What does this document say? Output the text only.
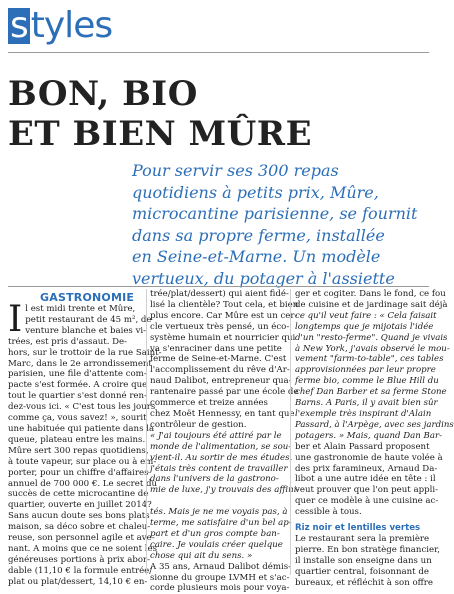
styles
BON, BIO
ET BIEN MÛRE

Pour servir ses 300 repas
quotidiens à petits prix, Mûre,
microcantine parisienne, se fournit
dans sa propre ferme, installée
en Seine-et-Marne. Un modèle
vertueux, du potager à l'assiette

GASTRONOMIE
I l est midi trente et Mûre,
petit restaurant de 45 m², de
venture blanche et baies vi-
trées, est pris d'assaut. De-
hors, sur le trottoir de la rue Saint-
Marc, dans le 2e arrondissement
parisien, une file d'attente com-
pacte s'est formée. A croire que
tout le quartier s'est donné ren-
dez-vous ici. « C'est tous les jours
comme ça, vous savez! », sourit
une habituée qui patiente dans la
queue, plateau entre les mains.
Mûre sert 300 repas quotidiens,
à toute vapeur, sur place ou à em-
porter, pour un chiffre d'affaires
annuel de 700 000 €. Le secret du
succès de cette microcantine de
quartier, ouverte en juillet 2014?
Sans aucun doute ses bons plats
maison, sa déco sobre et chaleu-
reuse, son personnel agile et ave-
nant. A moins que ce ne soient les
généreuses portions à prix abor-
dable (11,10 € la formule entrée/
plat ou plat/dessert, 14,10 € en-
trée/plat/dessert) qui aient fidé-
lisé la clientèle? Tout cela, et bien
plus encore. Car Mûre est un cer-
cle vertueux très pensé, un éco-
système humain et nourricier qui
va s'enraciner dans une petite
ferme de Seine-et-Marne. C'est
l'accomplissement du rêve d'Ar-
naud Dalibot, entrepreneur qua-
rantenaire passé par une école de
commerce et treize années
chez Moët Hennessy, en tant que
contrôleur de gestion.
« J'ai toujours été attiré par le
monde de l'alimentation, se sou-
vient-il. Au sortir de mes études,
j'étais très content de travailler
dans l'univers de la gastrono-
mie de luxe, j'y trouvais des affini-

tés. Mais je ne me voyais pas, à
terme, me satisfaire d'un bel ap-
part et d'un gros compte ban-
caire. Je voulais créer quelque
chose qui ait du sens. »
A 35 ans, Arnaud Dalibot démis-
sionne du groupe LVMH et s'ac-
corde plusieurs mois pour voya-
ger et cogiter. Dans le fond, ce fou
de cuisine et de jardinage sait déjà
ce qu'il veut faire : « Cela faisait
longtemps que je mijotais l'idée
d'un "resto-ferme". Quand je vivais
à New York, j'avais observé le mou-
vement "farm-to-table", ces tables
approvisionnées par leur propre
ferme bio, comme le Blue Hill du
chef Dan Barber et sa ferme Stone
Barns. A Paris, il y avait bien sûr
l'exemple très inspirant d'Alain
Passard, à l'Arpège, avec ses jardins
potagers. » Mais, quand Dan Bar-
ber et Alain Passard proposent
une gastronomie de haute volée à
des prix faramineux, Arnaud Da-
libot a une autre idée en tête : il
veut prouver que l'on peut appli-
quer ce modèle à une cuisine ac-
cessible à tous.

Riz noir et lentilles vertes
Le restaurant sera la première
pierre. En bon stratège financier,
il installe son enseigne dans un
quartier central, foisonnant de
bureaux, et réfléchit à son offre
